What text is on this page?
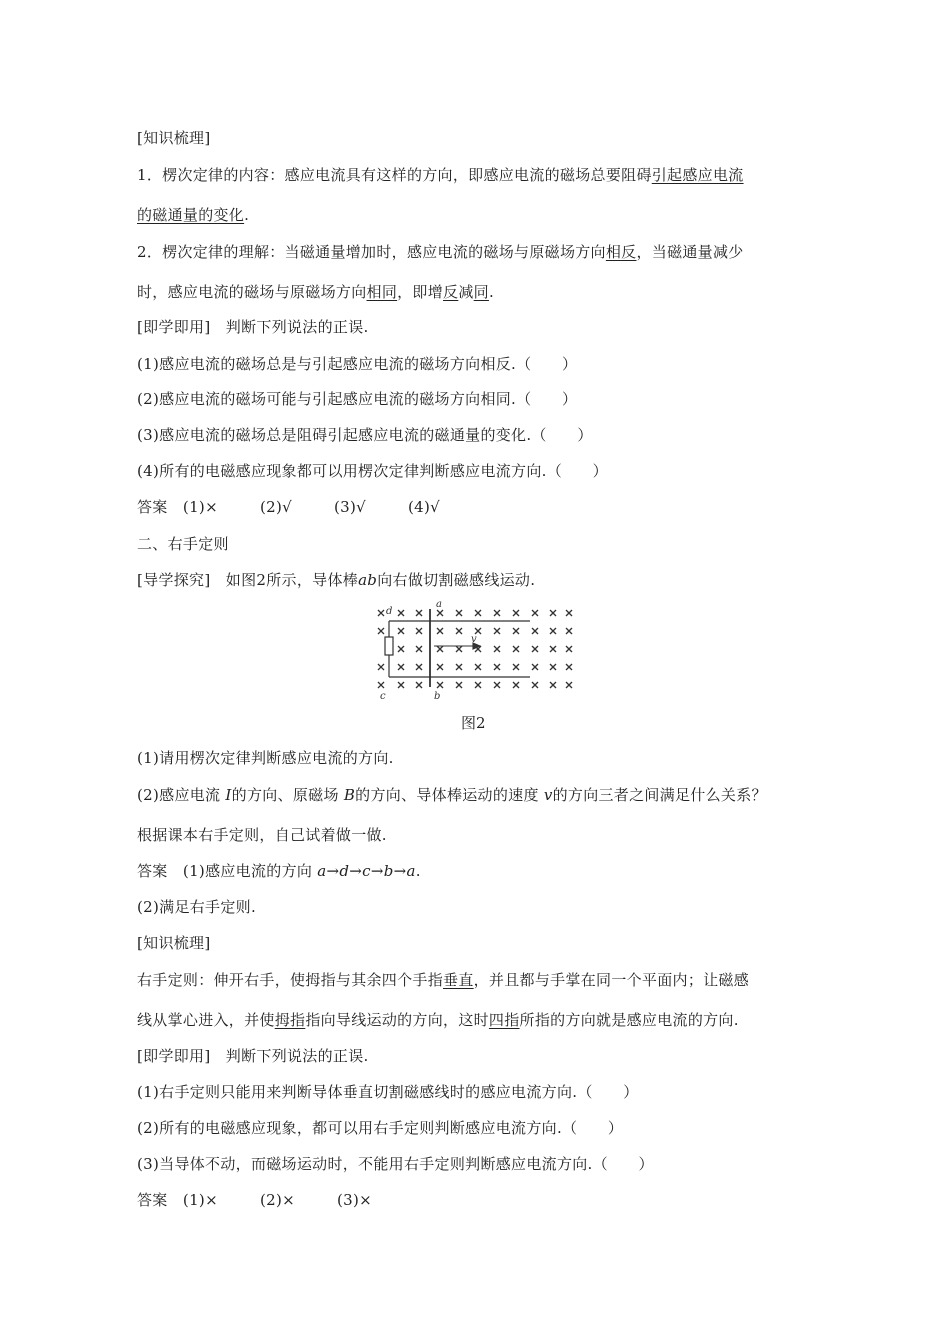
[知识梳理]
1．楞次定律的内容：感应电流具有这样的方向，即感应电流的磁场总要阻碍引起感应电流
的磁通量的变化.
2．楞次定律的理解：当磁通量增加时，感应电流的磁场与原磁场方向相反，当磁通量减少
时，感应电流的磁场与原磁场方向相同，即增反减同.
[即学即用]　判断下列说法的正误.
(1)感应电流的磁场总是与引起感应电流的磁场方向相反.（　　）
(2)感应电流的磁场可能与引起感应电流的磁场方向相同.（　　）
(3)感应电流的磁场总是阻碍引起感应电流的磁通量的变化.（　　）
(4)所有的电磁感应现象都可以用楞次定律判断感应电流方向.（　　）
答案　 (1)×	(2)√	(3)√	(4)√
二、右手定则
[导学探究]　如图2所示，导体棒ab向右做切割磁感线运动.
a
b
c
d
v
图2
(1)请用楞次定律判断感应电流的方向.
(2)感应电流 I的方向、原磁场 B的方向、导体棒运动的速度 v的方向三者之间满足什么关系？
根据课本右手定则，自己试着做一做.
答案　 (1)感应电流的方向 a→d→c→b→a.
(2)满足右手定则.
[知识梳理]
右手定则：伸开右手，使拇指与其余四个手指垂直，并且都与手掌在同一个平面内；让磁感
线从掌心进入，并使拇指指向导线运动的方向，这时四指所指的方向就是感应电流的方向.
[即学即用]　判断下列说法的正误.
(1)右手定则只能用来判断导体垂直切割磁感线时的感应电流方向.（　　）
(2)所有的电磁感应现象，都可以用右手定则判断感应电流方向.（　　）
(3)当导体不动，而磁场运动时，不能用右手定则判断感应电流方向.（　　）
答案　 (1)×	(2)×	(3)×
